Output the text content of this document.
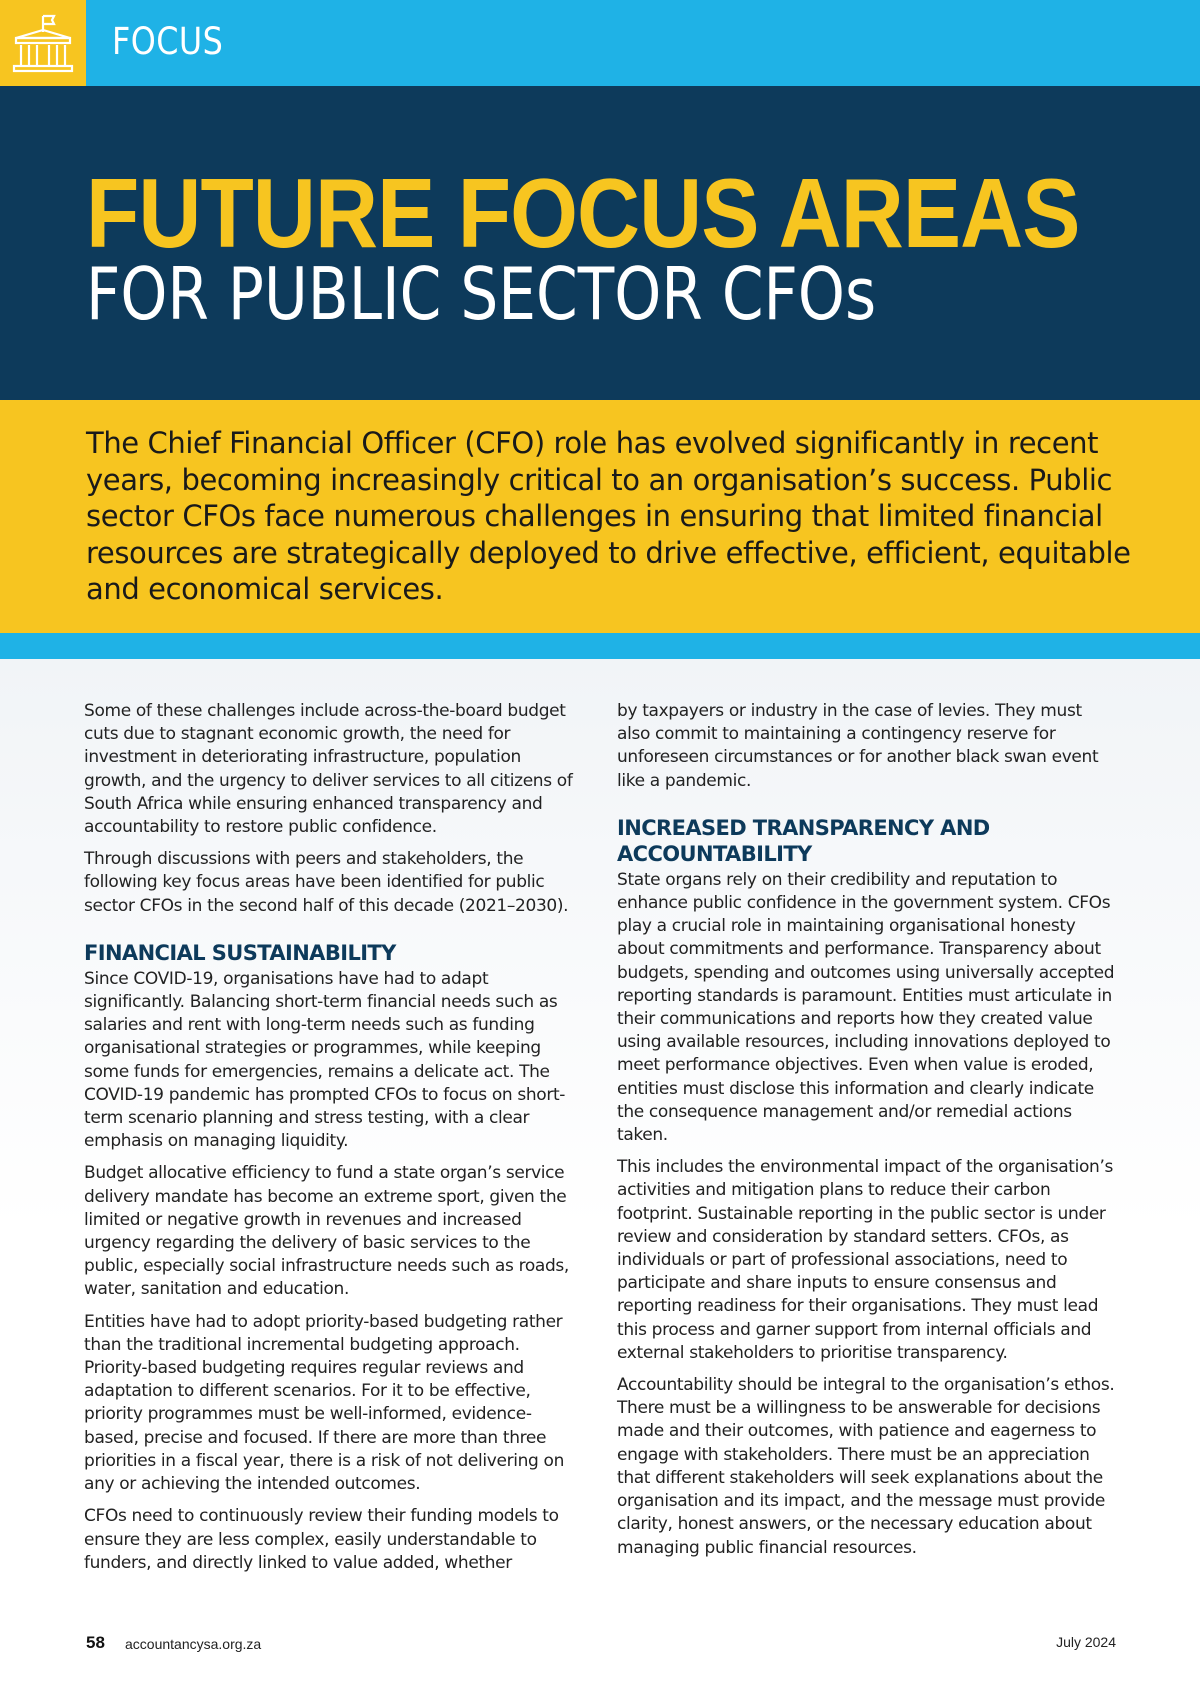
FOCUS
FUTURE FOCUS AREAS
FOR PUBLIC SECTOR CFOs

The Chief Financial Officer (CFO) role has evolved significantly in recent years, becoming increasingly critical to an organisation’s success. Public sector CFOs face numerous challenges in ensuring that limited financial resources are strategically deployed to drive effective, efficient, equitable and economical services.

Some of these challenges include across-the-board budget cuts due to stagnant economic growth, the need for investment in deteriorating infrastructure, population growth, and the urgency to deliver services to all citizens of South Africa while ensuring enhanced transparency and accountability to restore public confidence.

Through discussions with peers and stakeholders, the following key focus areas have been identified for public sector CFOs in the second half of this decade (2021–2030).

FINANCIAL SUSTAINABILITY

Since COVID-19, organisations have had to adapt significantly. Balancing short-term financial needs such as salaries and rent with long-term needs such as funding organisational strategies or programmes, while keeping some funds for emergencies, remains a delicate act. The COVID-19 pandemic has prompted CFOs to focus on short-term scenario planning and stress testing, with a clear emphasis on managing liquidity.

Budget allocative efficiency to fund a state organ’s service delivery mandate has become an extreme sport, given the limited or negative growth in revenues and increased urgency regarding the delivery of basic services to the public, especially social infrastructure needs such as roads, water, sanitation and education.

Entities have had to adopt priority-based budgeting rather than the traditional incremental budgeting approach. Priority-based budgeting requires regular reviews and adaptation to different scenarios. For it to be effective, priority programmes must be well-informed, evidence-based, precise and focused. If there are more than three priorities in a fiscal year, there is a risk of not delivering on any or achieving the intended outcomes.

CFOs need to continuously review their funding models to ensure they are less complex, easily understandable to funders, and directly linked to value added, whether

by taxpayers or industry in the case of levies. They must also commit to maintaining a contingency reserve for unforeseen circumstances or for another black swan event like a pandemic.

INCREASED TRANSPARENCY AND ACCOUNTABILITY

State organs rely on their credibility and reputation to enhance public confidence in the government system. CFOs play a crucial role in maintaining organisational honesty about commitments and performance. Transparency about budgets, spending and outcomes using universally accepted reporting standards is paramount. Entities must articulate in their communications and reports how they created value using available resources, including innovations deployed to meet performance objectives. Even when value is eroded, entities must disclose this information and clearly indicate the consequence management and/or remedial actions taken.

This includes the environmental impact of the organisation’s activities and mitigation plans to reduce their carbon footprint. Sustainable reporting in the public sector is under review and consideration by standard setters. CFOs, as individuals or part of professional associations, need to participate and share inputs to ensure consensus and reporting readiness for their organisations. They must lead this process and garner support from internal officials and external stakeholders to prioritise transparency.

Accountability should be integral to the organisation’s ethos. There must be a willingness to be answerable for decisions made and their outcomes, with patience and eagerness to engage with stakeholders. There must be an appreciation that different stakeholders will seek explanations about the organisation and its impact, and the message must provide clarity, honest answers, or the necessary education about managing public financial resources.

58 accountancysa.org.za	July 2024
